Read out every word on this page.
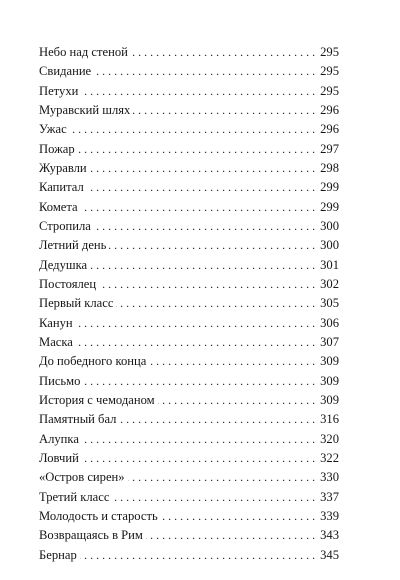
Небо над стеной . . .	295
Свидание . . .	295
Петухи . . .	295
Муравский шлях . . .	296
Ужас . . .	296
Пожар . . .	297
Журавли . . .	298
Капитал . . .	299
Комета . . .	299
Стропила . . .	300
Летний день . . .	300
Дедушка . . .	301
Постоялец . . .	302
Первый класс . . .	305
Канун . . .	306
Маска . . .	307
До победного конца . . .	309
Письмо . . .	309
История с чемоданом . . .	309
Памятный бал . . .	316
Алупка . . .	320
Ловчий . . .	322
«Остров сирен» . . .	330
Третий класс . . .	337
Молодость и старость . . .	339
Возвращаясь в Рим . . .	343
Бернар . . .	345
